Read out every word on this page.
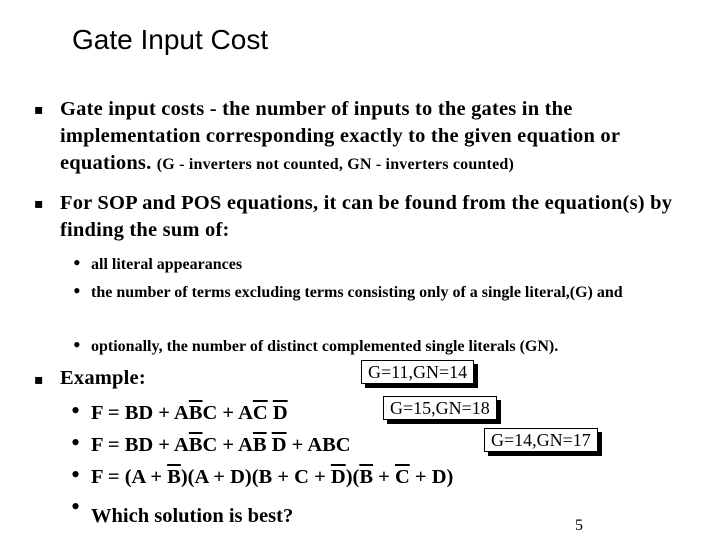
Gate Input Cost
▪ Gate input costs - the number of inputs to the gates in the implementation corresponding exactly to the given equation or equations. (G - inverters not counted, GN - inverters counted)
▪ For SOP and POS equations, it can be found from the equation(s) by finding the sum of:
• all literal appearances
• the number of terms excluding terms consisting only of a single literal,(G) and
• optionally, the number of distinct complemented single literals (GN).
▪ Example:
• F = BD + $A\overline{B}C + A\overline{C}$ $\overline{D}$
• F = BD + $A\overline{B}C + A\overline{B}$ $\overline{D}$ + ABC
• $F = (A + \overline{B})(A + D)(B + C + \overline{D})(\overline{B} + \overline{C} + D)$
• Which solution is best?
G=11,GN=14
G=15,GN=18
G=14,GN=17
5
